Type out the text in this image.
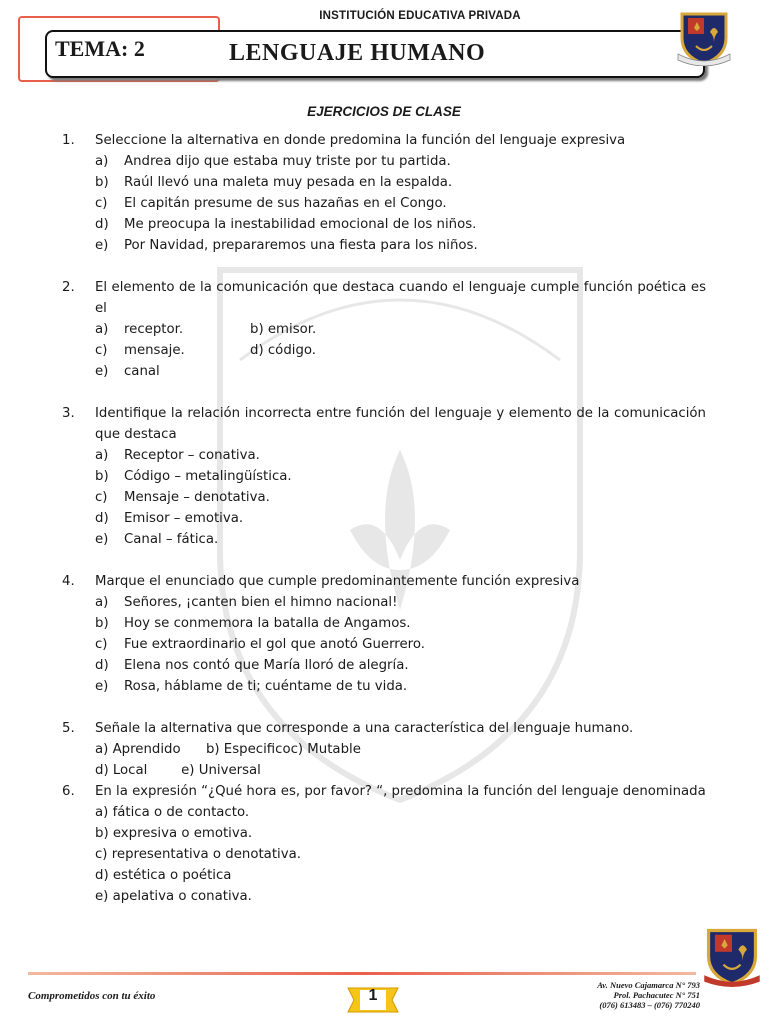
INSTITUCIÓN EDUCATIVA PRIVADA
TEMA: 2	LENGUAJE HUMANO
EJERCICIOS DE CLASE
1. Seleccione la alternativa en donde predomina la función del lenguaje expresiva
a) Andrea dijo que estaba muy triste por tu partida.
b) Raúl llevó una maleta muy pesada en la espalda.
c) El capitán presume de sus hazañas en el Congo.
d) Me preocupa la inestabilidad emocional de los niños.
e) Por Navidad, prepararemos una fiesta para los niños.
2. El elemento de la comunicación que destaca cuando el lenguaje cumple función poética es el
a) receptor.	b) emisor.
c) mensaje.	d) código.
e) canal
3. Identifique la relación incorrecta entre función del lenguaje y elemento de la comunicación que destaca
a) Receptor – conativa.
b) Código – metalingüística.
c) Mensaje – denotativa.
d) Emisor – emotiva.
e) Canal – fática.
4. Marque el enunciado que cumple predominantemente función expresiva
a) Señores, ¡canten bien el himno nacional!
b) Hoy se conmemora la batalla de Angamos.
c) Fue extraordinario el gol que anotó Guerrero.
d) Elena nos contó que María lloró de alegría.
e) Rosa, háblame de ti; cuéntame de tu vida.
5. Señale la alternativa que corresponde a una característica del lenguaje humano.
a) Aprendido      b) Especificoc) Mutable
d) Local        e) Universal
6. En la expresión “¿Qué hora es, por favor? “, predomina la función del lenguaje denominada
a) fática o de contacto.
b) expresiva o emotiva.
c) representativa o denotativa.
d) estética o poética
e) apelativa o conativa.
Comprometidos con tu éxito	1
Av. Nuevo Cajamarca N° 793
Prol. Pachacutec N° 751
(076) 613483 – (076) 770240
